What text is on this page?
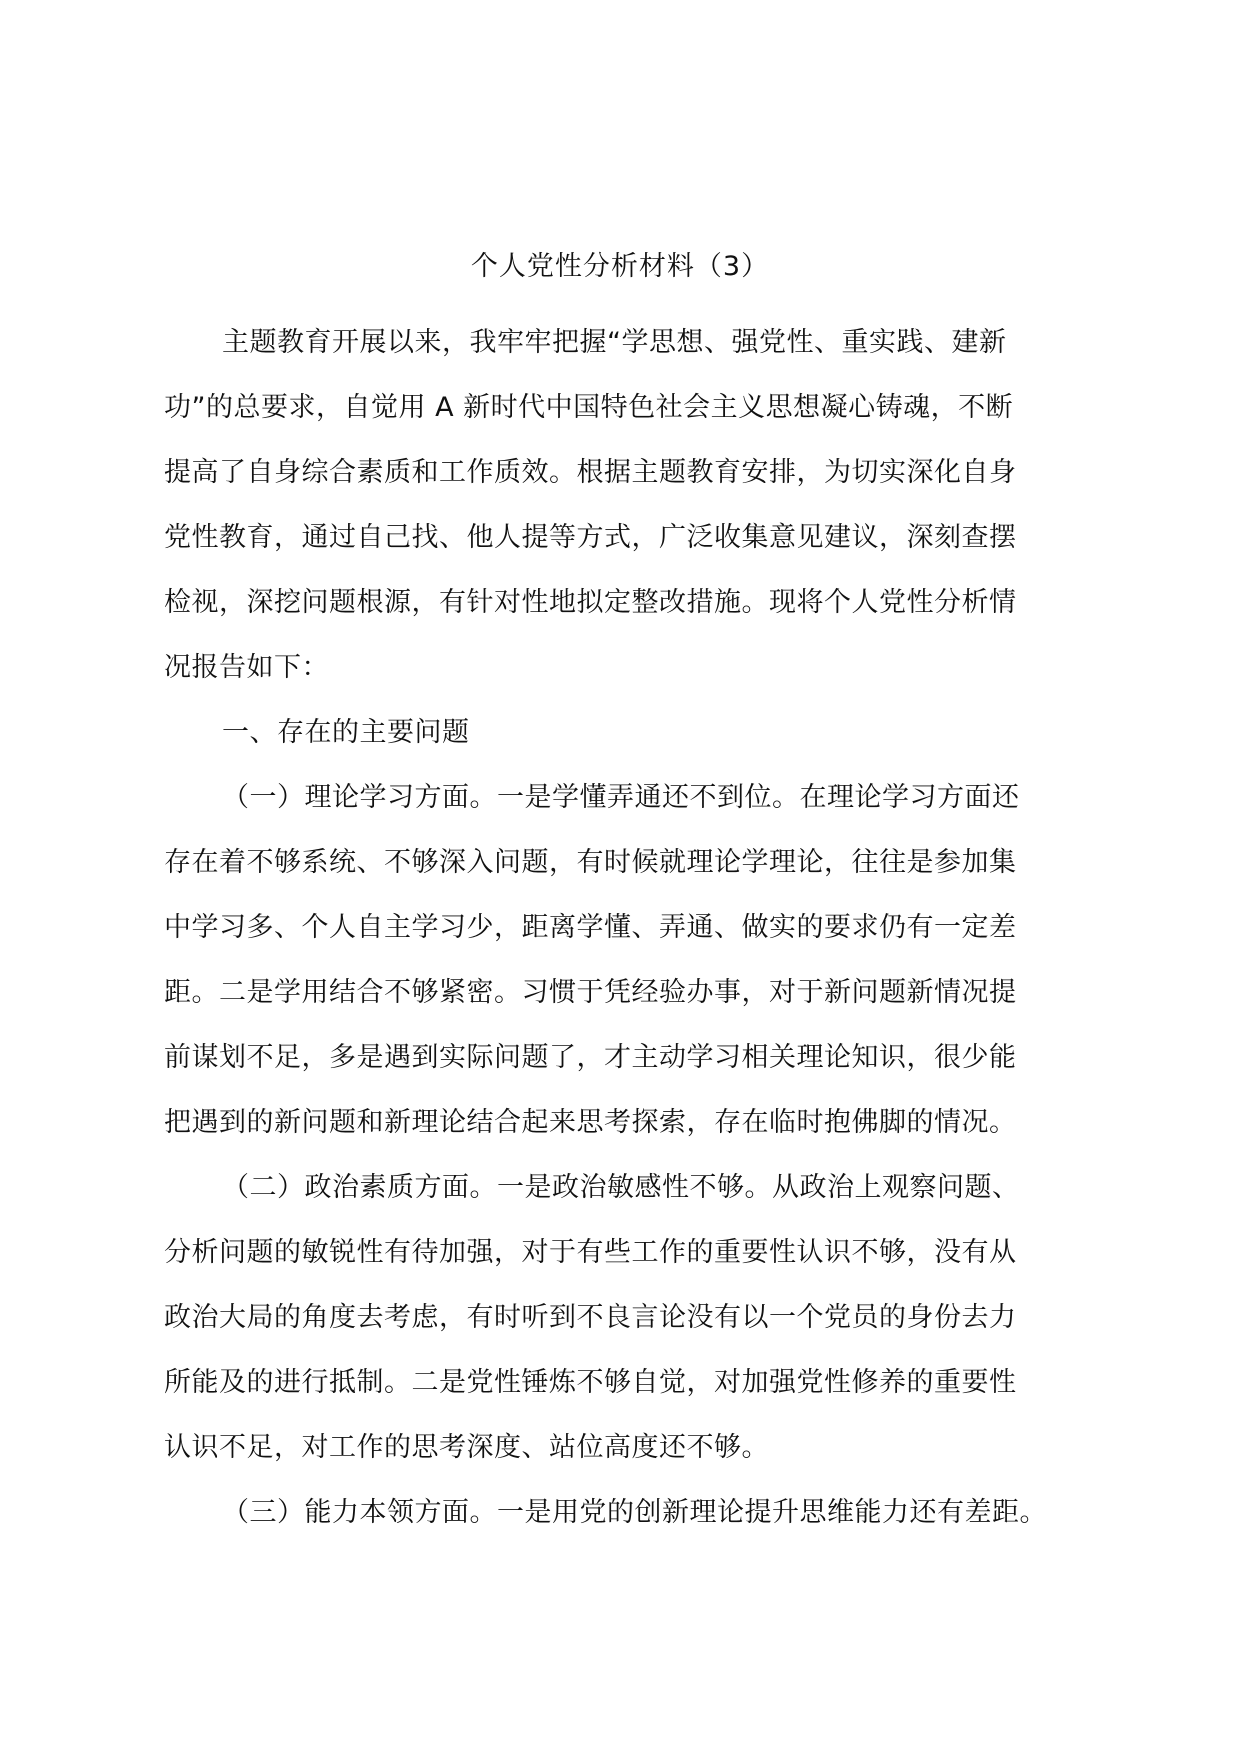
个人党性分析材料（3）

主题教育开展以来，我牢牢把握“学思想、强党性、重实践、建新
功”的总要求，自觉用 A 新时代中国特色社会主义思想凝心铸魂，不断
提高了自身综合素质和工作质效。根据主题教育安排，为切实深化自身
党性教育，通过自己找、他人提等方式，广泛收集意见建议，深刻查摆
检视，深挖问题根源，有针对性地拟定整改措施。现将个人党性分析情
况报告如下：

一、存在的主要问题

（一）理论学习方面。一是学懂弄通还不到位。在理论学习方面还
存在着不够系统、不够深入问题，有时候就理论学理论，往往是参加集
中学习多、个人自主学习少，距离学懂、弄通、做实的要求仍有一定差
距。二是学用结合不够紧密。习惯于凭经验办事，对于新问题新情况提
前谋划不足，多是遇到实际问题了，才主动学习相关理论知识，很少能
把遇到的新问题和新理论结合起来思考探索，存在临时抱佛脚的情况。

（二）政治素质方面。一是政治敏感性不够。从政治上观察问题、
分析问题的敏锐性有待加强，对于有些工作的重要性认识不够，没有从
政治大局的角度去考虑，有时听到不良言论没有以一个党员的身份去力
所能及的进行抵制。二是党性锤炼不够自觉，对加强党性修养的重要性
认识不足，对工作的思考深度、站位高度还不够。

（三）能力本领方面。一是用党的创新理论提升思维能力还有差距。
